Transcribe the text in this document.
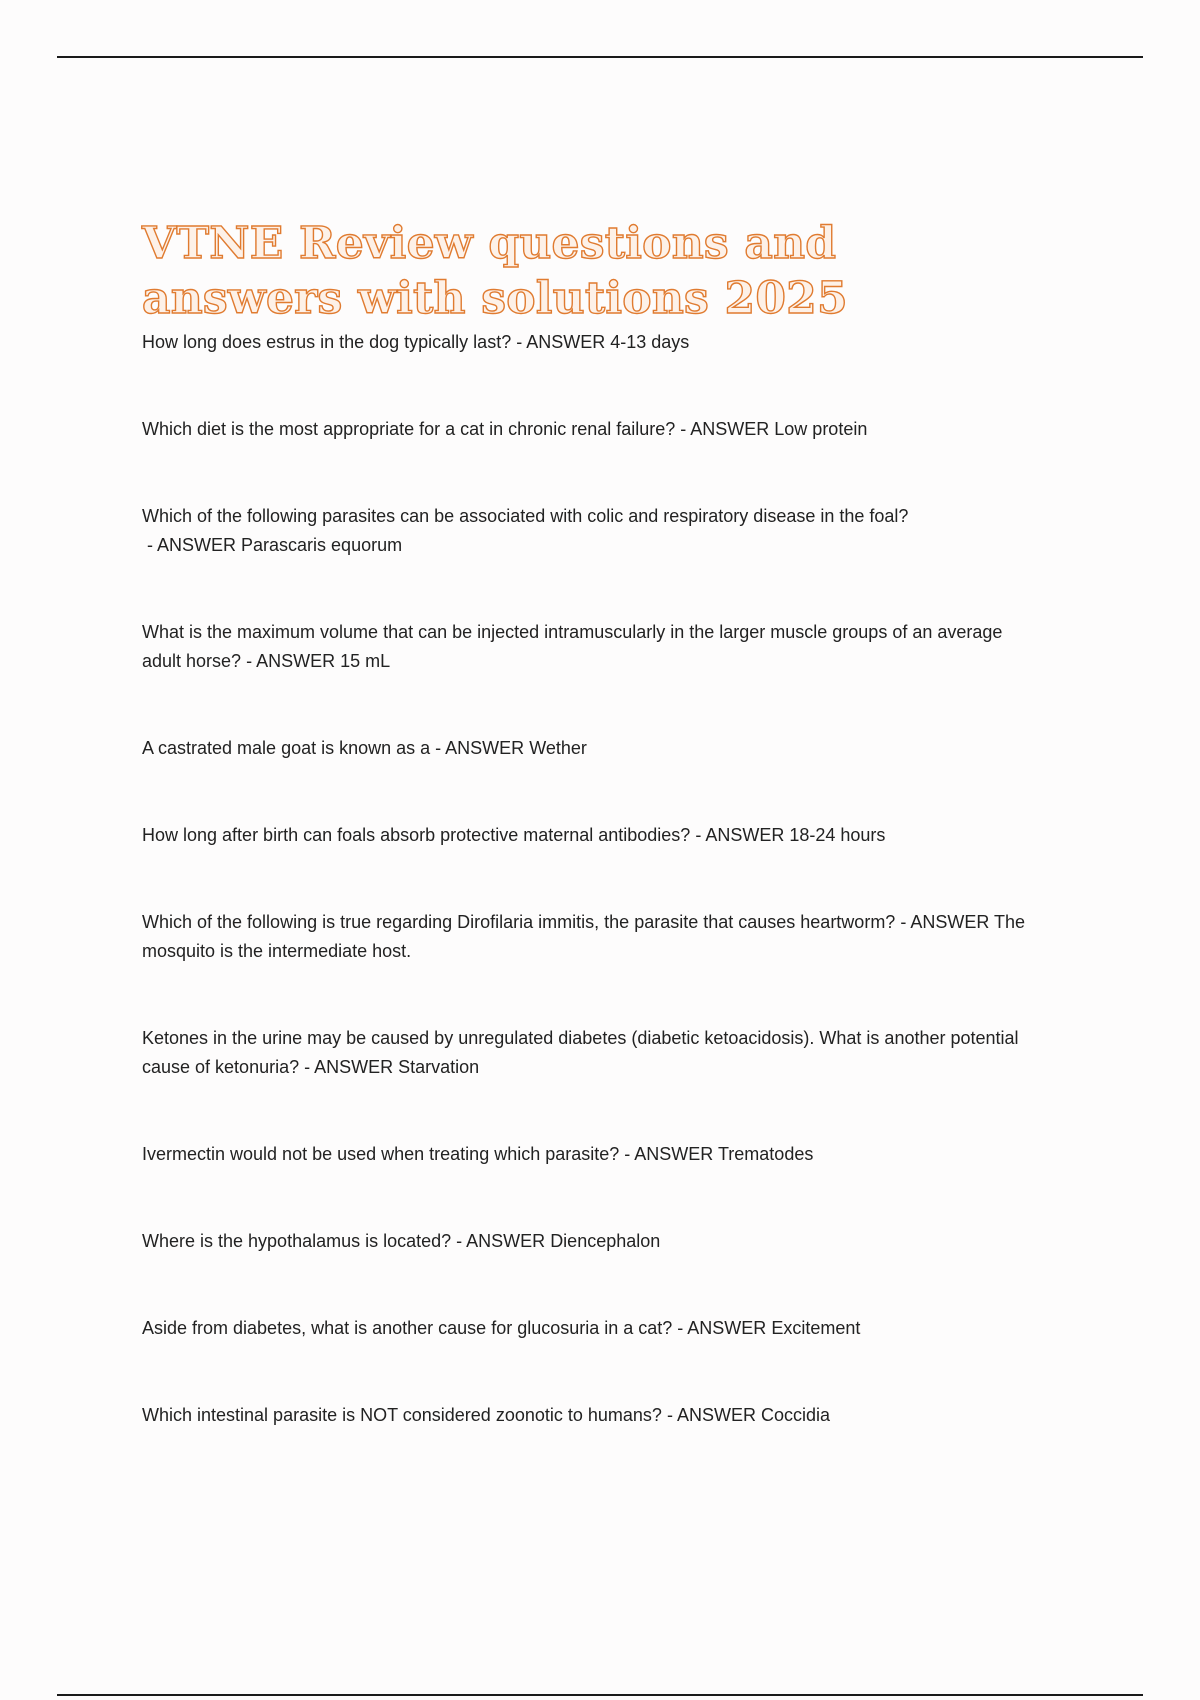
VTNE Review questions and answers with solutions 2025
How long does estrus in the dog typically last? - ANSWER 4-13 days
Which diet is the most appropriate for a cat in chronic renal failure? - ANSWER Low protein
Which of the following parasites can be associated with colic and respiratory disease in the foal? - ANSWER Parascaris equorum
What is the maximum volume that can be injected intramuscularly in the larger muscle groups of an average adult horse? - ANSWER 15 mL
A castrated male goat is known as a - ANSWER Wether
How long after birth can foals absorb protective maternal antibodies? - ANSWER 18-24 hours
Which of the following is true regarding Dirofilaria immitis, the parasite that causes heartworm? - ANSWER The mosquito is the intermediate host.
Ketones in the urine may be caused by unregulated diabetes (diabetic ketoacidosis). What is another potential cause of ketonuria? - ANSWER Starvation
Ivermectin would not be used when treating which parasite? - ANSWER Trematodes
Where is the hypothalamus is located? - ANSWER Diencephalon
Aside from diabetes, what is another cause for glucosuria in a cat? - ANSWER Excitement
Which intestinal parasite is NOT considered zoonotic to humans? - ANSWER Coccidia
